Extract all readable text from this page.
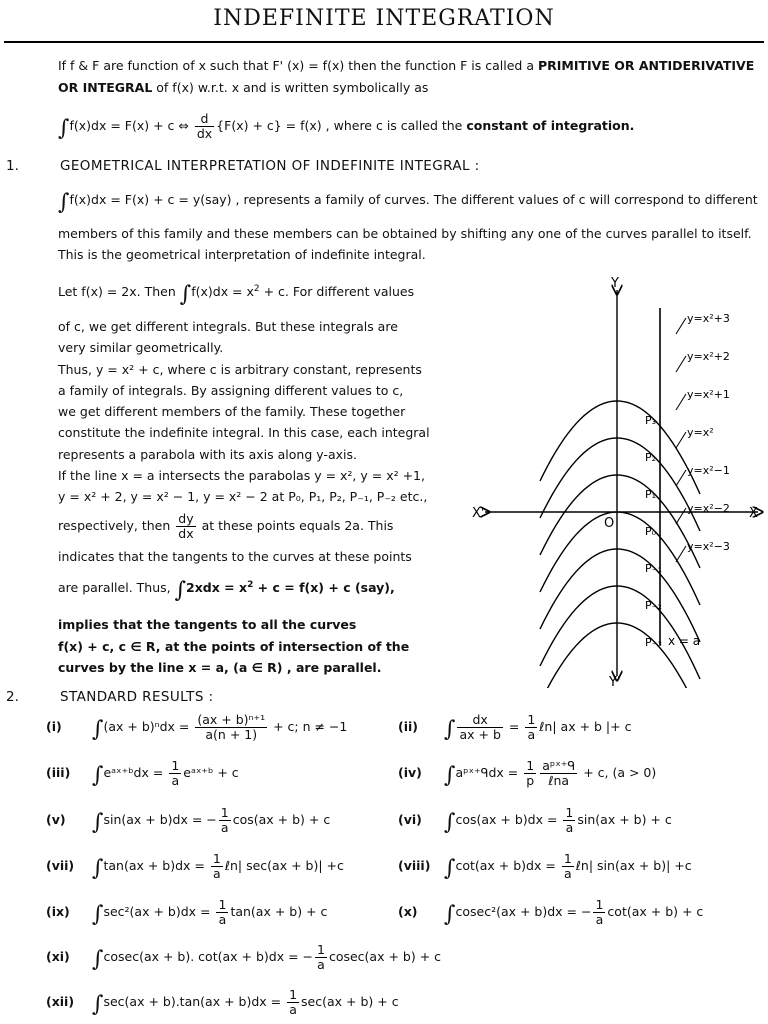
INDEFINITE INTEGRATION
If f & F are function of x such that F' (x) = f(x) then the function F is called a PRIMITIVE OR ANTIDERIVATIVE
OR INTEGRAL of f(x) w.r.t. x and is written symbolically as
∫f(x)dx = F(x) + c ⇔ $\frac{d}{dx} \{F(x) + c\} = f(x)$ , where c is called the constant of integration.
1.	GEOMETRICAL INTERPRETATION OF INDEFINITE INTEGRAL :
∫f(x)dx = F(x) + c = y(say) , represents a family of curves. The different values of c will correspond to different
members of this family and these members can be obtained by shifting any one of the curves parallel to itself.
This is the geometrical interpretation of indefinite integral.
Let f(x) = 2x. Then $\int f(x)dx = x^2 + c$. For different values
of c, we get different integrals. But these integrals are
very similar geometrically.
Thus, y = x² + c, where c is arbitrary constant, represents
a family of integrals. By assigning different values to c,
we get different members of the family. These together
constitute the indefinite integral. In this case, each integral
represents a parabola with its axis along y-axis.
If the line x = a intersects the parabolas y = x², y = x² +1,
y = x² + 2, y = x² − 1, y = x² − 2 at P₀, P₁, P₂, P₋₁, P₋₂ etc.,
respectively, then $\frac{dy}{dx}$ at these points equals 2a. This
indicates that the tangents to the curves at these points
are parallel. Thus, $\int 2xdx = x^2 + c = f(x) + c$ (say),
implies that the tangents to all the curves
f(x) + c, c ∈ R, at the points of intersection of the
curves by the line x = a, (a ∈ R) , are parallel.
P₃
y=x²+3
P₂
y=x²+2
P₁
y=x²+1
P₀
y=x²
P₋₁
y=x²−1
P₋₂
y=x²−2
P₋₃
y=x²−3
Y
Y'
X'	X
O
x = a
2.	STANDARD RESULTS :
(i) $\int(ax + b)^ndx = \frac{\text{(ax + b)ⁿ⁺¹}}{a(n + 1)} + c$; n ≠ −1	(ii) ∫ $\frac{dx}{ax + b} = \frac{1}{a}$ ℓn| ax + b |+ c
(iii) ∫eᵃˣ⁺ᵇdx = $\frac{1}{a}$ eᵃˣ⁺ᵇ + c	(iv) ∫aᵖˣ⁺ᑫdx = $\frac{1}{p} \frac{\text{aᵖˣ⁺ᑫ}}{\text{ℓna}} + c$, (a > 0)
(v) ∫sin(ax + b)dx = − $\frac{1}{a} \cos(ax + b) + c$	(vi) $\int\cos(ax + b)dx = \frac{1}{a} \sin(ax + b) + c$
(vii) $\int\tan(ax + b)dx = \frac{1}{a}$ ℓn| sec(ax + b)| +c	(viii) $\int\cot(ax + b)dx = \frac{1}{a}$ ℓn| sin(ax + b)| +c
(ix) $\int\sec^2(ax + b)dx = \frac{1}{a} \tan(ax + b) + c$	(x) ∫cosec²(ax + b)dx = − $\frac{1}{a} \cot(ax + b) + c$
(xi) ∫cosec(ax + b). cot(ax + b)dx = − $\frac{1}{a} cosec(ax + b) + c$
(xii) $\int\sec(ax + b).\tan(ax + b)dx = \frac{1}{a} \sec(ax + b) + c$
